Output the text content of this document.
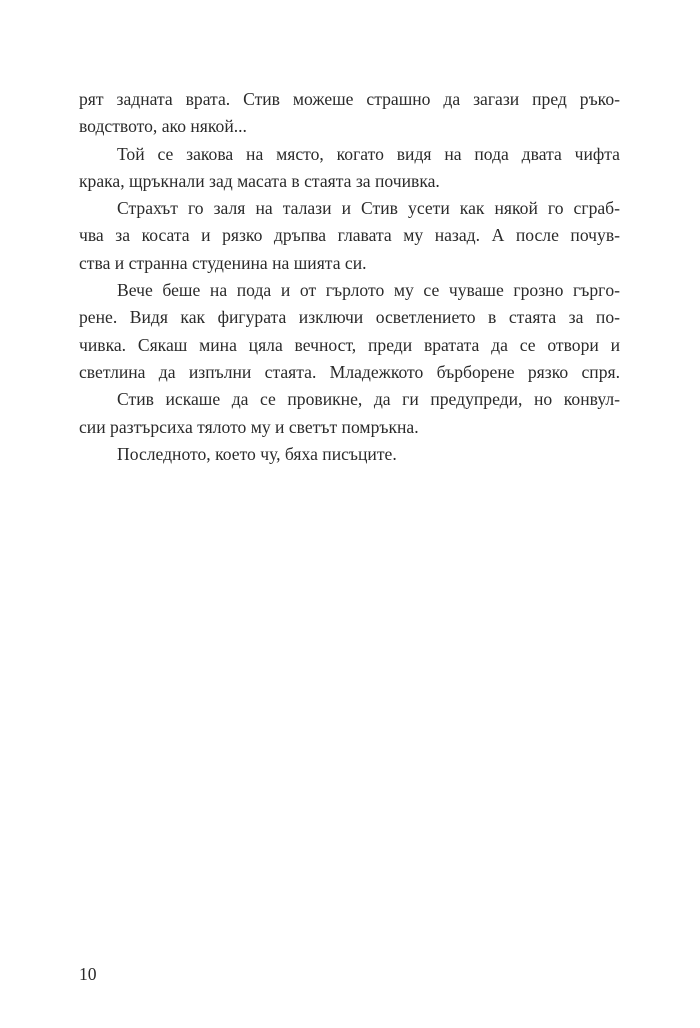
рят задната врата. Стив можеше страшно да загази пред ръко-
водството, ако някой...
Той се закова на място, когато видя на пода двата чифта
крака, щръкнали зад масата в стаята за почивка.
Страхът го заля на талази и Стив усети как някой го сграб-
чва за косата и рязко дръпва главата му назад. А после почув-
ства и странна студенина на шията си.
Вече беше на пода и от гърлото му се чуваше грозно гъргo-
рене. Видя как фигурата изключи осветлението в стаята за по-
чивка. Сякаш мина цяла вечност, преди вратата да се отвори и
светлина да изпълни стаята. Младежкото бърборене рязко спря.
Стив искаше да се провикне, да ги предупреди, но конвул-
сии разтърсиха тялото му и светът помръкна.
Последното, което чу, бяха писъците.
10
